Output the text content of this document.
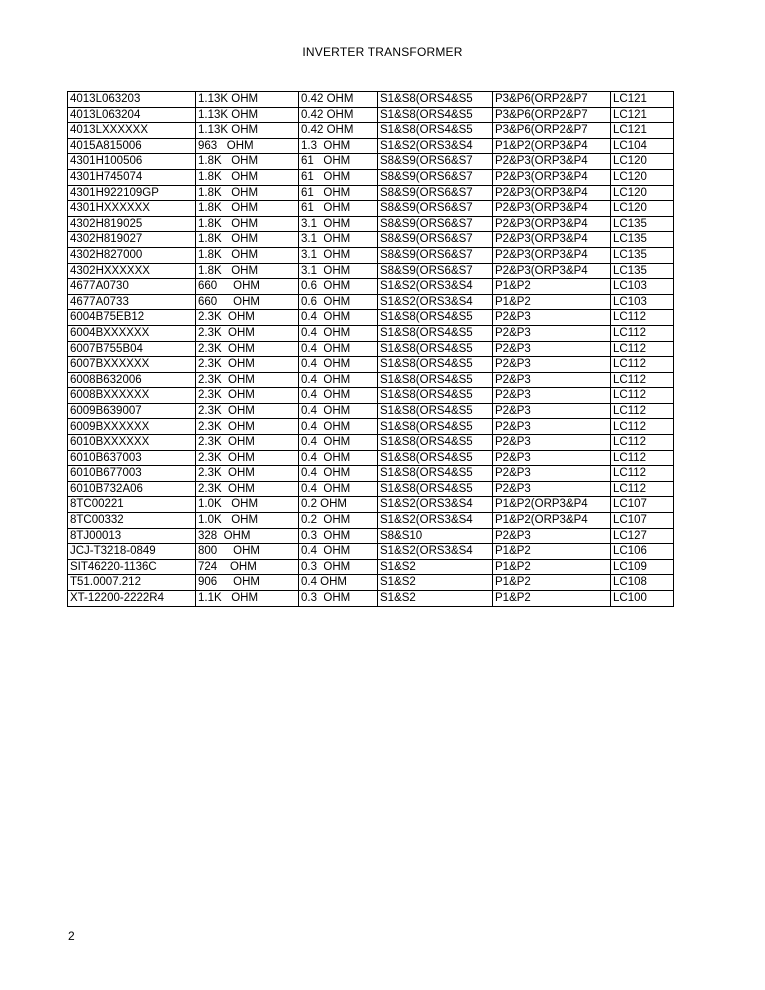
INVERTER TRANSFORMER
4013L063203	1.13K OHM	0.42 OHM	S1&S8(ORS4&S5	P3&P6(ORP2&P7	LC121
4013L063204	1.13K OHM	0.42 OHM	S1&S8(ORS4&S5	P3&P6(ORP2&P7	LC121
4013LXXXXXX	1.13K OHM	0.42 OHM	S1&S8(ORS4&S5	P3&P6(ORP2&P7	LC121
4015A815006	963   OHM	1.3  OHM	S1&S2(ORS3&S4	P1&P2(ORP3&P4	LC104
4301H100506	1.8K   OHM	61   OHM	S8&S9(ORS6&S7	P2&P3(ORP3&P4	LC120
4301H745074	1.8K   OHM	61   OHM	S8&S9(ORS6&S7	P2&P3(ORP3&P4	LC120
4301H922109GP	1.8K   OHM	61   OHM	S8&S9(ORS6&S7	P2&P3(ORP3&P4	LC120
4301HXXXXXX	1.8K   OHM	61   OHM	S8&S9(ORS6&S7	P2&P3(ORP3&P4	LC120
4302H819025	1.8K   OHM	3.1  OHM	S8&S9(ORS6&S7	P2&P3(ORP3&P4	LC135
4302H819027	1.8K   OHM	3.1  OHM	S8&S9(ORS6&S7	P2&P3(ORP3&P4	LC135
4302H827000	1.8K   OHM	3.1  OHM	S8&S9(ORS6&S7	P2&P3(ORP3&P4	LC135
4302HXXXXXX	1.8K   OHM	3.1  OHM	S8&S9(ORS6&S7	P2&P3(ORP3&P4	LC135
4677A0730	660     OHM	0.6  OHM	S1&S2(ORS3&S4	P1&P2	LC103
4677A0733	660     OHM	0.6  OHM	S1&S2(ORS3&S4	P1&P2	LC103
6004B75EB12	2.3K  OHM	0.4  OHM	S1&S8(ORS4&S5	P2&P3	LC112
6004BXXXXXX	2.3K  OHM	0.4  OHM	S1&S8(ORS4&S5	P2&P3	LC112
6007B755B04	2.3K  OHM	0.4  OHM	S1&S8(ORS4&S5	P2&P3	LC112
6007BXXXXXX	2.3K  OHM	0.4  OHM	S1&S8(ORS4&S5	P2&P3	LC112
6008B632006	2.3K  OHM	0.4  OHM	S1&S8(ORS4&S5	P2&P3	LC112
6008BXXXXXX	2.3K  OHM	0.4  OHM	S1&S8(ORS4&S5	P2&P3	LC112
6009B639007	2.3K  OHM	0.4  OHM	S1&S8(ORS4&S5	P2&P3	LC112
6009BXXXXXX	2.3K  OHM	0.4  OHM	S1&S8(ORS4&S5	P2&P3	LC112
6010BXXXXXX	2.3K  OHM	0.4  OHM	S1&S8(ORS4&S5	P2&P3	LC112
6010B637003	2.3K  OHM	0.4  OHM	S1&S8(ORS4&S5	P2&P3	LC112
6010B677003	2.3K  OHM	0.4  OHM	S1&S8(ORS4&S5	P2&P3	LC112
6010B732A06	2.3K  OHM	0.4  OHM	S1&S8(ORS4&S5	P2&P3	LC112
8TC00221	1.0K   OHM	0.2 OHM	S1&S2(ORS3&S4	P1&P2(ORP3&P4	LC107
8TC00332	1.0K   OHM	0.2  OHM	S1&S2(ORS3&S4	P1&P2(ORP3&P4	LC107
8TJ00013	328  OHM	0.3  OHM	S8&S10	P2&P3	LC127
JCJ-T3218-0849	800     OHM	0.4  OHM	S1&S2(ORS3&S4	P1&P2	LC106
SIT46220-1136C	724    OHM	0.3  OHM	S1&S2	P1&P2	LC109
T51.0007.212	906     OHM	0.4 OHM	S1&S2	P1&P2	LC108
XT-12200-2222R4	1.1K   OHM	0.3  OHM	S1&S2	P1&P2	LC100
2
